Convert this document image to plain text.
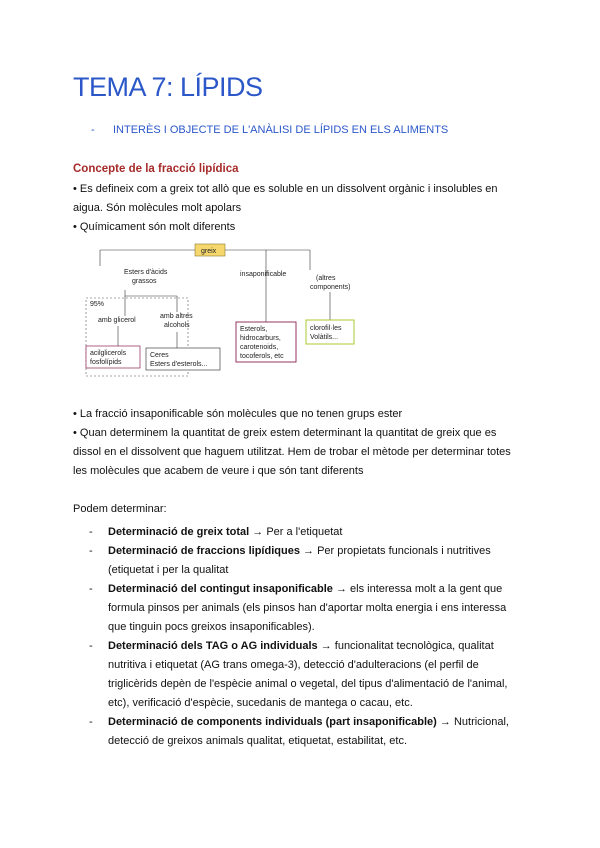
TEMA 7: LÍPIDS
- INTERÈS I OBJECTE DE L'ANÀLISI DE LÍPIDS EN ELS ALIMENTS
Concepte de la fracció lipídica
• Es defineix com a greix tot allò que es soluble en un dissolvent orgànic i insolubles en aigua. Són molècules molt apolars
• Químicament són molt diferents
greix
Esters d'àcids
grassos
insaponificable
(altres
components)
95%
amb glicerol
amb altres
alcohols
acilglicerols
fosfolípids
Ceres
Esters d'esterols...
Esterols,
hidrocarburs,
carotenoids,
tocoferols, etc
clorofil·les
Volàtils...
• La fracció insaponificable són molècules que no tenen grups ester
• Quan determinem la quantitat de greix estem determinant la quantitat de greix que es dissol en el dissolvent que haguem utilitzat. Hem de trobar el mètode per determinar totes les molècules que acabem de veure i que són tant diferents

Podem determinar:

- Determinació de greix total → Per a l'etiquetat
- Determinació de fraccions lipídiques → Per propietats funcionals i nutritives (etiquetat i per la qualitat
- Determinació del contingut insaponificable → els interessa molt a la gent que formula pinsos per animals (els pinsos han d'aportar molta energia i ens interessa que tinguin pocs greixos insaponificables).
- Determinació dels TAG o AG individuals → funcionalitat tecnològica, qualitat nutritiva i etiquetat (AG trans omega-3), detecció d'adulteracions (el perfil de triglicèrids depèn de l'espècie animal o vegetal, del tipus d'alimentació de l'animal, etc), verificació d'espècie, sucedanis de mantega o cacau, etc.
- Determinació de components individuals (part insaponificable) → Nutricional, detecció de greixos animals qualitat, etiquetat, estabilitat, etc.
